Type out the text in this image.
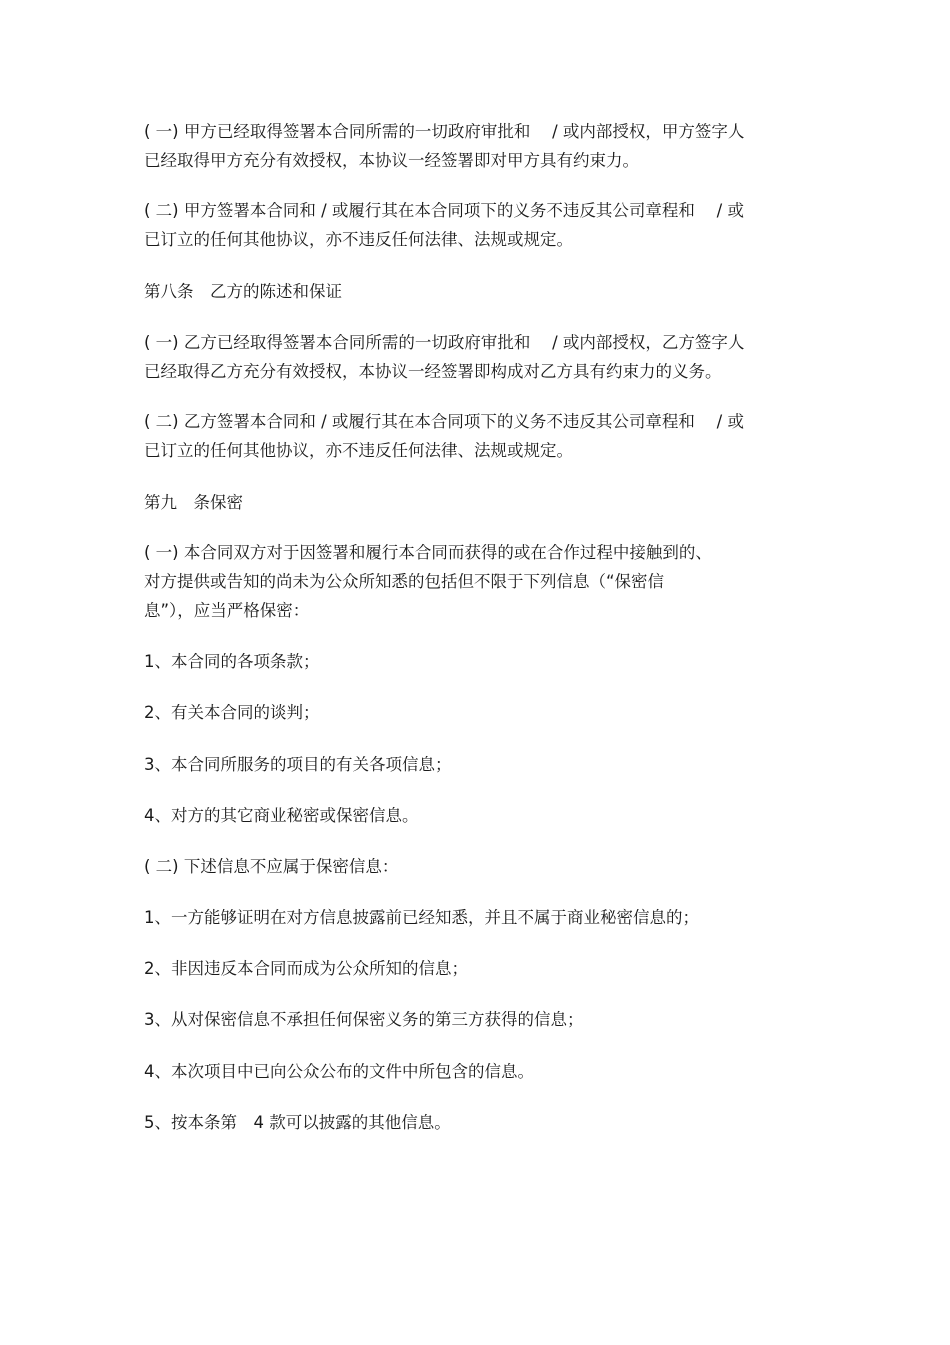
( 一) 甲方已经取得签署本合同所需的一切政府审批和　 / 或内部授权，甲方签字人
已经取得甲方充分有效授权，本协议一经签署即对甲方具有约束力。
( 二) 甲方签署本合同和 / 或履行其在本合同项下的义务不违反其公司章程和　 / 或
已订立的任何其他协议，亦不违反任何法律、法规或规定。
第八条　乙方的陈述和保证
( 一) 乙方已经取得签署本合同所需的一切政府审批和　 / 或内部授权，乙方签字人
已经取得乙方充分有效授权，本协议一经签署即构成对乙方具有约束力的义务。
( 二) 乙方签署本合同和 / 或履行其在本合同项下的义务不违反其公司章程和　 / 或
已订立的任何其他协议，亦不违反任何法律、法规或规定。
第九　条保密
( 一) 本合同双方对于因签署和履行本合同而获得的或在合作过程中接触到的、
对方提供或告知的尚未为公众所知悉的包括但不限于下列信息（“保密信
息”），应当严格保密：
1、本合同的各项条款；
2、有关本合同的谈判；
3、本合同所服务的项目的有关各项信息；
4、对方的其它商业秘密或保密信息。
( 二) 下述信息不应属于保密信息：
1、一方能够证明在对方信息披露前已经知悉，并且不属于商业秘密信息的；
2、非因违反本合同而成为公众所知的信息；
3、从对保密信息不承担任何保密义务的第三方获得的信息；
4、本次项目中已向公众公布的文件中所包含的信息。
5、按本条第　4 款可以披露的其他信息。
